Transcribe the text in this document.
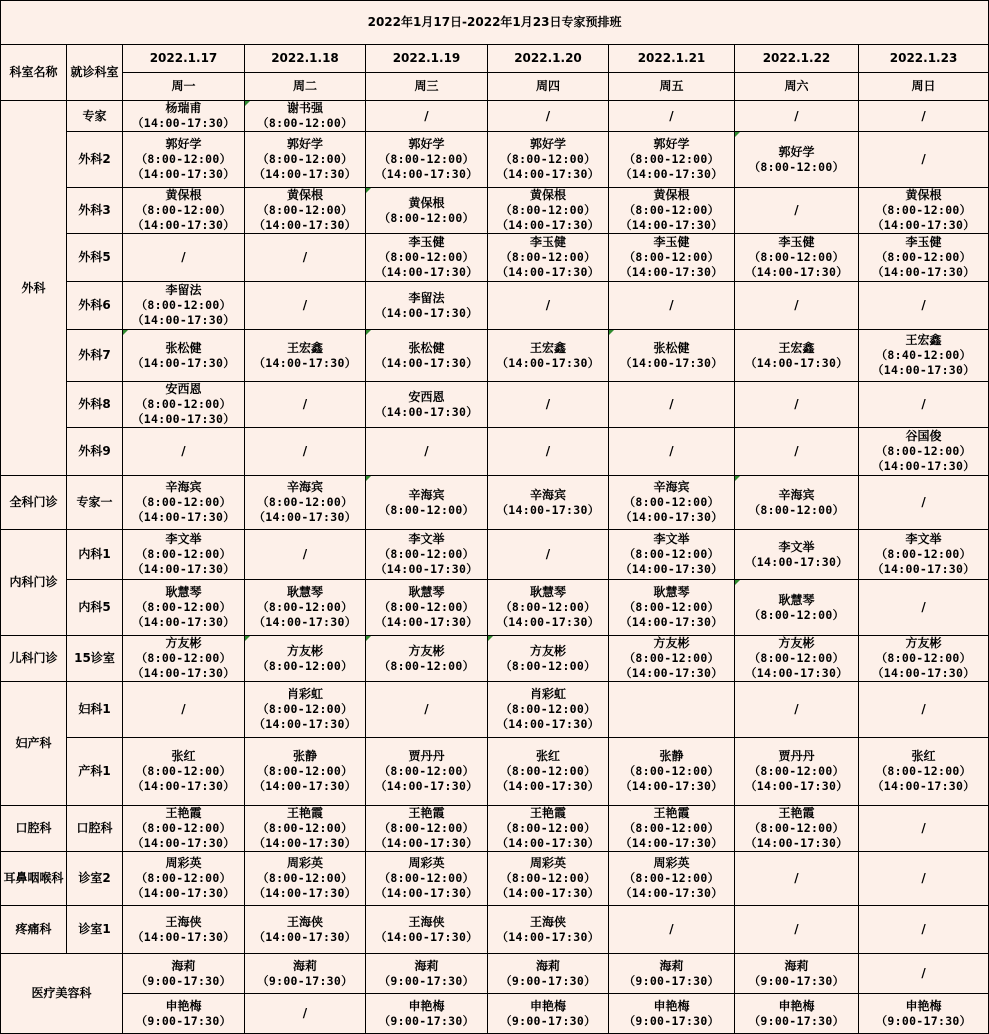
2022年1月17日-2022年1月23日专家预排班								
科室名称	就诊科室	2022.1.17	2022.1.18	2022.1.19	2022.1.20	2022.1.21	2022.1.22	2022.1.23
		周一	周二	周三	周四	周五	周六	周日
外科	专家	杨瑞甫
（14:00-17:30）	谢书强
（8:00-12:00）	/	/	/	/	/

	外科2	郭好学
（8:00-12:00）
（14:00-17:30）	郭好学
（8:00-12:00）
（14:00-17:30）	郭好学
（8:00-12:00）
（14:00-17:30）	郭好学
（8:00-12:00）
（14:00-17:30）	郭好学
（8:00-12:00）
（14:00-17:30）	郭好学
（8:00-12:00）	/

	外科3	黄保根
（8:00-12:00）
（14:00-17:30）	黄保根
（8:00-12:00）
（14:00-17:30）	黄保根
（8:00-12:00）	黄保根
（8:00-12:00）
（14:00-17:30）	黄保根
（8:00-12:00）
（14:00-17:30）	/	黄保根
（8:00-12:00）
（14:00-17:30）

	外科5	/	/	李玉健
（8:00-12:00）
（14:00-17:30）	李玉健
（8:00-12:00）
（14:00-17:30）	李玉健
（8:00-12:00）
（14:00-17:30）	李玉健
（8:00-12:00）
（14:00-17:30）	李玉健
（8:00-12:00）
（14:00-17:30）

	外科6	李留法
（8:00-12:00）
（14:00-17:30）	/	李留法
（14:00-17:30）	/	/	/	/

	外科7	张松健
（14:00-17:30）	王宏鑫
（14:00-17:30）	张松健
（14:00-17:30）	王宏鑫
（14:00-17:30）	张松健
（14:00-17:30）	王宏鑫
（14:00-17:30）	王宏鑫
（8:40-12:00）
（14:00-17:30）

	外科8	安西恩
（8:00-12:00）
（14:00-17:30）	/	安西恩
（14:00-17:30）	/	/	/	/

	外科9	/	/	/	/	/	/	谷国俊
（8:00-12:00）
（14:00-17:30）

全科门诊	专家一	辛海宾
（8:00-12:00）
（14:00-17:30）	辛海宾
（8:00-12:00）
（14:00-17:30）	辛海宾
（8:00-12:00）	辛海宾
（14:00-17:30）	辛海宾
（8:00-12:00）
（14:00-17:30）	辛海宾
（8:00-12:00）	/

内科门诊	内科1	李文举
（8:00-12:00）
（14:00-17:30）	/	李文举
（8:00-12:00）
（14:00-17:30）	/	李文举
（8:00-12:00）
（14:00-17:30）	李文举
（14:00-17:30）	李文举
（8:00-12:00）
（14:00-17:30）

	内科5	耿慧琴
（8:00-12:00）
（14:00-17:30）	耿慧琴
（8:00-12:00）
（14:00-17:30）	耿慧琴
（8:00-12:00）
（14:00-17:30）	耿慧琴
（8:00-12:00）
（14:00-17:30）	耿慧琴
（8:00-12:00）
（14:00-17:30）	耿慧琴
（8:00-12:00）	/

儿科门诊	15诊室	方友彬
（8:00-12:00）
（14:00-17:30）	方友彬
（8:00-12:00）	方友彬
（8:00-12:00）	方友彬
（8:00-12:00）	方友彬
（8:00-12:00）
（14:00-17:30）	方友彬
（8:00-12:00）
（14:00-17:30）	方友彬
（8:00-12:00）
（14:00-17:30）

妇产科	妇科1	/	肖彩虹
（8:00-12:00）
（14:00-17:30）	/	肖彩虹
（8:00-12:00）
（14:00-17:30）		/	/

	产科1	张红
（8:00-12:00）
（14:00-17:30）	张静
（8:00-12:00）
（14:00-17:30）	贾丹丹
（8:00-12:00）
（14:00-17:30）	张红
（8:00-12:00）
（14:00-17:30）	张静
（8:00-12:00）
（14:00-17:30）	贾丹丹
（8:00-12:00）
（14:00-17:30）	张红
（8:00-12:00）
（14:00-17:30）

口腔科	口腔科	王艳霞
（8:00-12:00）
（14:00-17:30）	王艳霞
（8:00-12:00）
（14:00-17:30）	王艳霞
（8:00-12:00）
（14:00-17:30）	王艳霞
（8:00-12:00）
（14:00-17:30）	王艳霞
（8:00-12:00）
（14:00-17:30）	王艳霞
（8:00-12:00）
（14:00-17:30）	/

耳鼻咽喉科	诊室2	周彩英
（8:00-12:00）
（14:00-17:30）	周彩英
（8:00-12:00）
（14:00-17:30）	周彩英
（8:00-12:00）
（14:00-17:30）	周彩英
（8:00-12:00）
（14:00-17:30）	周彩英
（8:00-12:00）
（14:00-17:30）	/	/

疼痛科	诊室1	王海侠
（14:00-17:30）	王海侠
（14:00-17:30）	王海侠
（14:00-17:30）	王海侠
（14:00-17:30）	/	/	/

医疗美容科		海莉
（9:00-17:30）	海莉
（9:00-17:30）	海莉
（9:00-17:30）	海莉
（9:00-17:30）	海莉
（9:00-17:30）	海莉
（9:00-17:30）	/

		申艳梅
（9:00-17:30）	/	申艳梅
（9:00-17:30）	申艳梅
（9:00-17:30）	申艳梅
（9:00-17:30）	申艳梅
（9:00-17:30）	申艳梅
（9:00-17:30）
